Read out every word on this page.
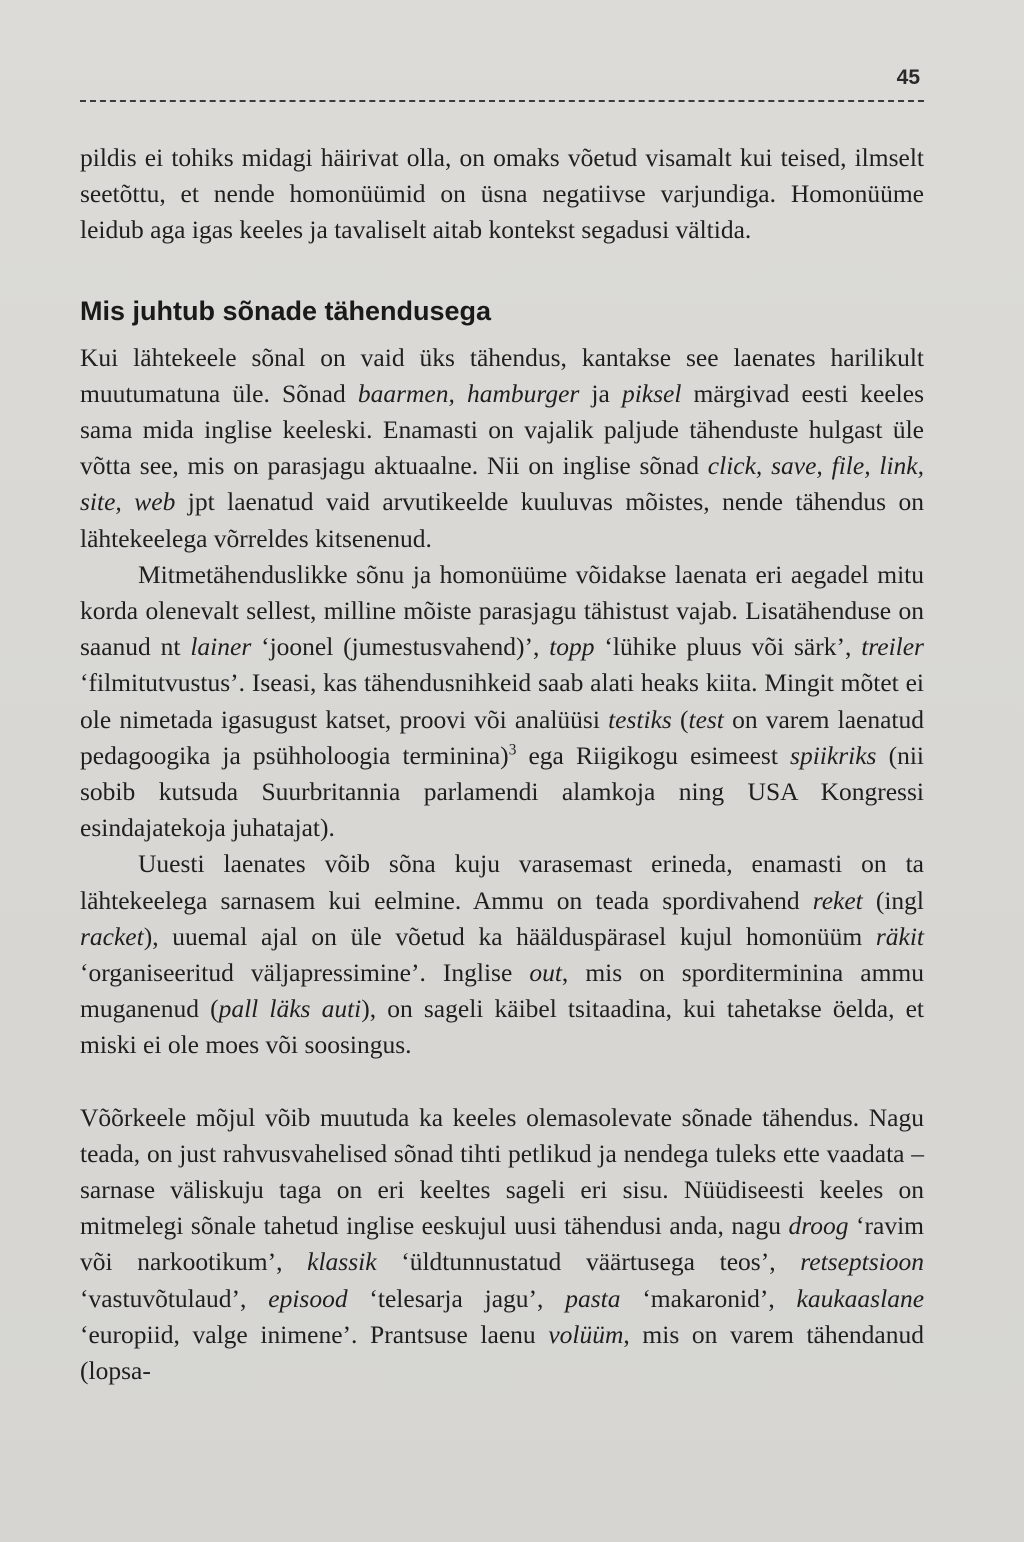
45

pildis ei tohiks midagi häirivat olla, on omaks võetud visamalt kui teised, ilmselt seetõttu, et nende homonüümid on üsna negatiivse varjundiga. Homonüüme leidub aga igas keeles ja tavaliselt aitab kontekst segadusi vältida.

Mis juhtub sõnade tähendusega

Kui lähtekeele sõnal on vaid üks tähendus, kantakse see laenates harilikult muutumatuna üle. Sõnad baarmen, hamburger ja piksel märgivad eesti keeles sama mida inglise keeleski. Enamasti on vajalik paljude tähenduste hulgast üle võtta see, mis on parasjagu aktuaalne. Nii on inglise sõnad click, save, file, link, site, web jpt laenatud vaid arvutikeelde kuuluvas mõistes, nende tähendus on lähtekeelega võrreldes kitsenenud.

Mitmetähenduslikke sõnu ja homonüüme võidakse laenata eri aegadel mitu korda olenevalt sellest, milline mõiste parasjagu tähistust vajab. Lisatähenduse on saanud nt lainer ‘joonel (jumestusvahend)’, topp ‘lühike pluus või särk’, treiler ‘filmitutvustus’. Iseasi, kas tähendusnihkeid saab alati heaks kiita. Mingit mõtet ei ole nimetada igasugust katset, proovi või analüüsi testiks (test on varem laenatud pedagoogika ja psühholoogia terminina)$^3$ ega Riigikogu esimeest spiikriks (nii sobib kutsuda Suurbritannia parlamendi alamkoja ning USA Kongressi esindajatekoja juhatajat).

Uuesti laenates võib sõna kuju varasemast erineda, enamasti on ta lähtekeelega sarnasem kui eelmine. Ammu on teada spordivahend reket (ingl racket), uuemal ajal on üle võetud ka häälduspärasel kujul homonüüm räkit ‘organiseeritud väljapressimine’. Inglise out, mis on sporditerminina ammu muganenud (pall läks auti), on sageli käibel tsitaadina, kui tahetakse öelda, et miski ei ole moes või soosingus.

Võõrkeele mõjul võib muutuda ka keeles olemasolevate sõnade tähendus. Nagu teada, on just rahvusvahelised sõnad tihti petlikud ja nendega tuleks ette vaadata – sarnase väliskuju taga on eri keeltes sageli eri sisu. Nüüdiseesti keeles on mitmelegi sõnale tahetud inglise eeskujul uusi tähendusi anda, nagu droog ‘ravim või narkootikum’, klassik ‘üldtunnustatud väärtusega teos’, retseptsioon ‘vastuvõtulaud’, episood ‘telesarja jagu’, pasta ‘makaronid’, kaukaaslane ‘europiid, valge inimene’. Prantsuse laenu volüüm, mis on varem tähendanud (lopsa-
